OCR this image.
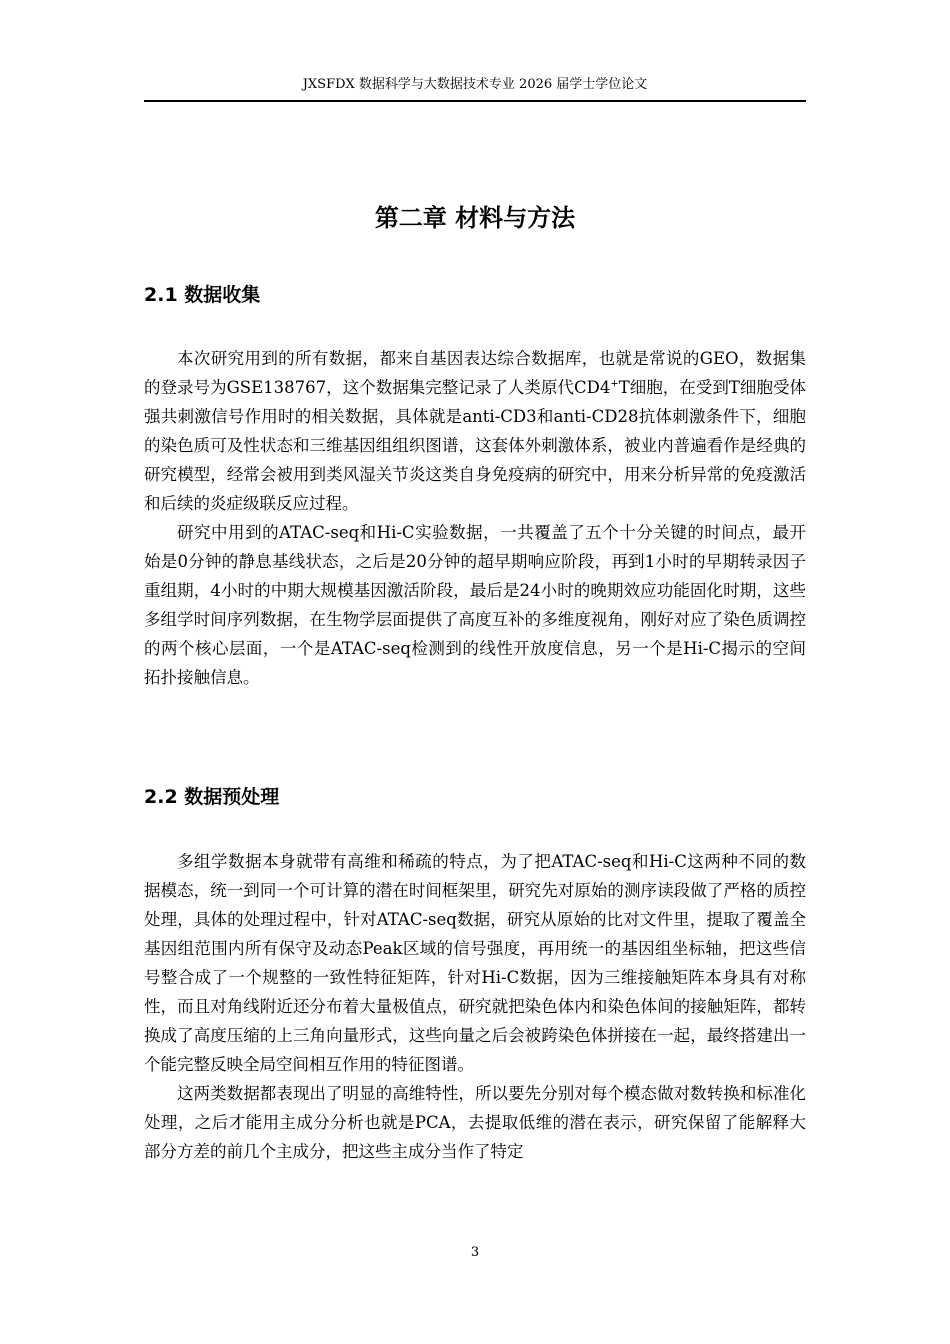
JXSFDX 数据科学与大数据技术专业 2026 届学士学位论文
第二章 材料与方法
2.1 数据收集

本次研究用到的所有数据，都来自基因表达综合数据库，也就是常说的GEO，数据集的登录号为GSE138767，这个数据集完整记录了人类原代CD4+T细胞，在受到T细胞受体强共刺激信号作用时的相关数据，具体就是anti-CD3和anti-CD28抗体刺激条件下，细胞的染色质可及性状态和三维基因组组织图谱，这套体外刺激体系，被业内普遍看作是经典的研究模型，经常会被用到类风湿关节炎这类自身免疫病的研究中，用来分析异常的免疫激活和后续的炎症级联反应过程。

研究中用到的ATAC-seq和Hi-C实验数据，一共覆盖了五个十分关键的时间点，最开始是0分钟的静息基线状态，之后是20分钟的超早期响应阶段，再到1小时的早期转录因子重组期，4小时的中期大规模基因激活阶段，最后是24小时的晚期效应功能固化时期，这些多组学时间序列数据，在生物学层面提供了高度互补的多维度视角，刚好对应了染色质调控的两个核心层面，一个是ATAC-seq检测到的线性开放度信息，另一个是Hi-C揭示的空间拓扑接触信息。

2.2 数据预处理

多组学数据本身就带有高维和稀疏的特点，为了把ATAC-seq和Hi-C这两种不同的数据模态，统一到同一个可计算的潜在时间框架里，研究先对原始的测序读段做了严格的质控处理，具体的处理过程中，针对ATAC-seq数据，研究从原始的比对文件里，提取了覆盖全基因组范围内所有保守及动态Peak区域的信号强度，再用统一的基因组坐标轴，把这些信号整合成了一个规整的一致性特征矩阵，针对Hi-C数据，因为三维接触矩阵本身具有对称性，而且对角线附近还分布着大量极值点，研究就把染色体内和染色体间的接触矩阵，都转换成了高度压缩的上三角向量形式，这些向量之后会被跨染色体拼接在一起，最终搭建出一个能完整反映全局空间相互作用的特征图谱。

这两类数据都表现出了明显的高维特性，所以要先分别对每个模态做对数转换和标准化处理，之后才能用主成分分析也就是PCA，去提取低维的潜在表示，研究保留了能解释大部分方差的前几个主成分，把这些主成分当作了特定

3
